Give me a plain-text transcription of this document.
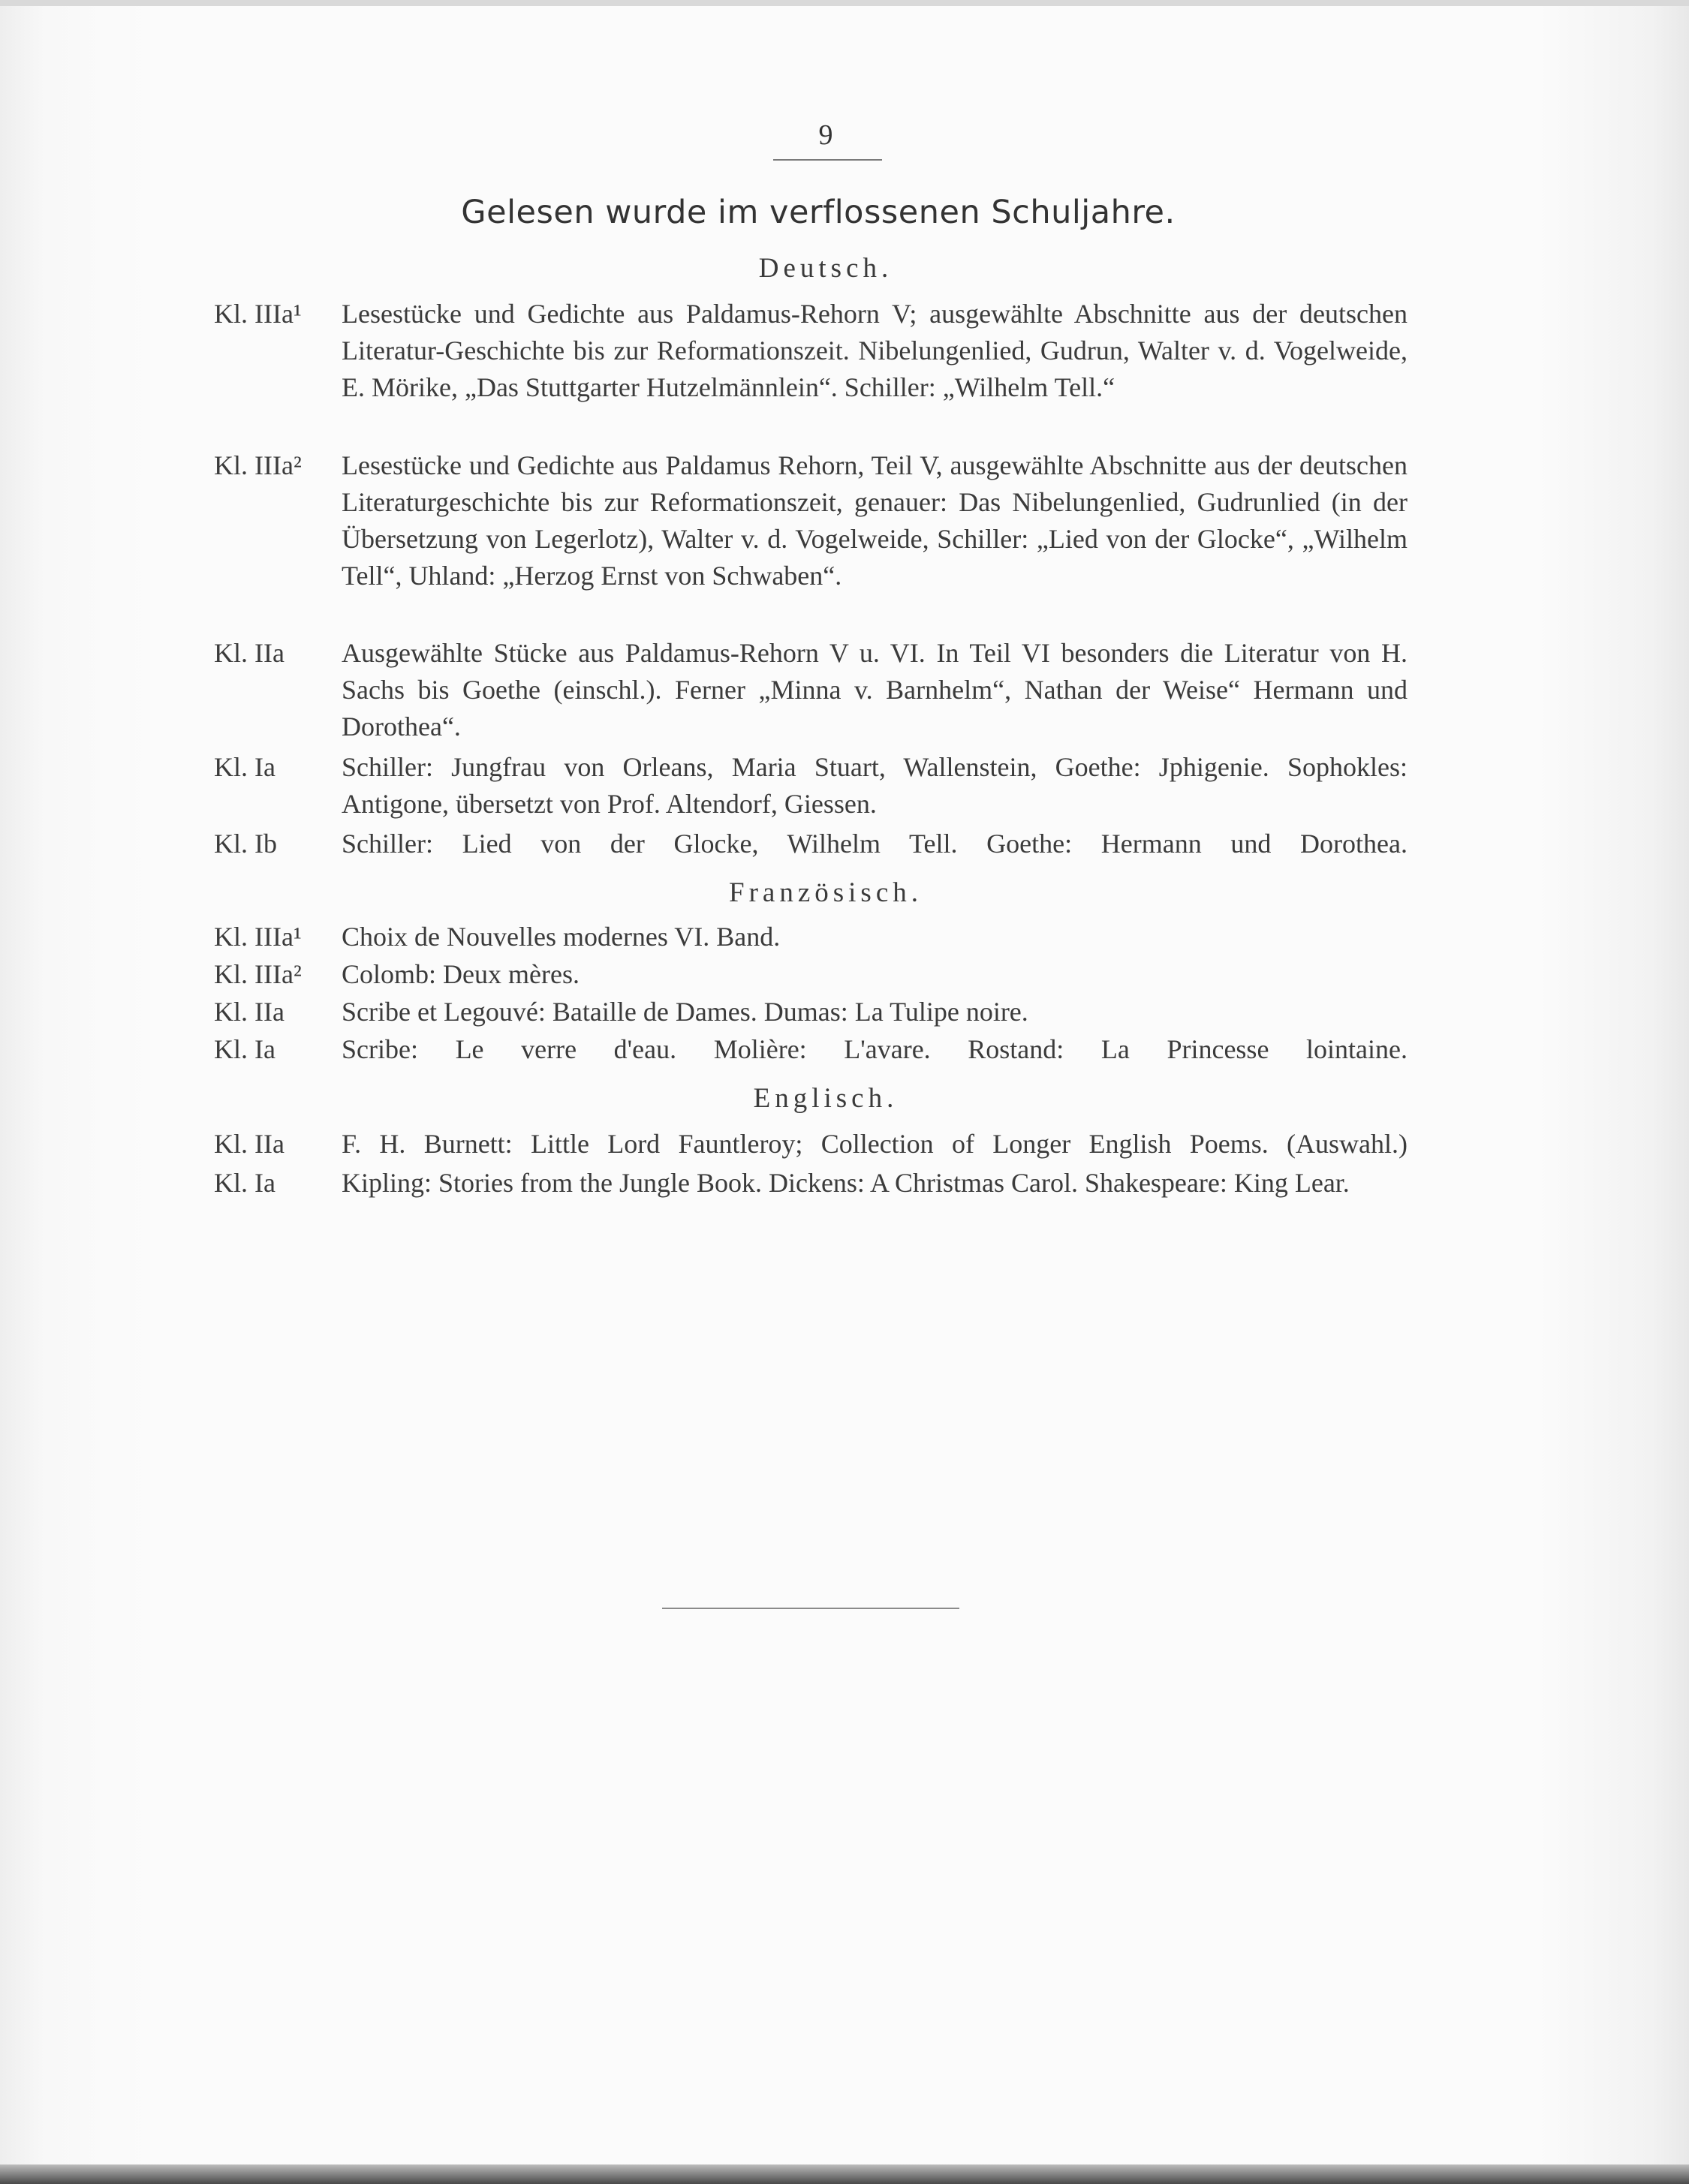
9
Gelesen wurde im verflossenen Schuljahre.
Deutsch.
Kl. IIIa¹	Lesestücke und Gedichte aus Paldamus-Rehorn V; ausgewählte Abschnitte aus der deutschen Literatur-Geschichte bis zur Reformationszeit. Nibelungenlied, Gudrun, Walter v. d. Vogelweide, E. Mörike, „Das Stuttgarter Hutzelmännlein“. Schiller: „Wilhelm Tell.“
Kl. IIIa²	Lesestücke und Gedichte aus Paldamus Rehorn, Teil V, ausgewählte Abschnitte aus der deutschen Literaturgeschichte bis zur Reformationszeit, genauer: Das Nibelungenlied, Gudrunlied (in der Übersetzung von Legerlotz), Walter v. d. Vogelweide, Schiller: „Lied von der Glocke“, „Wilhelm Tell“, Uhland: „Herzog Ernst von Schwaben“.
Kl. IIa	Ausgewählte Stücke aus Paldamus-Rehorn V u. VI. In Teil VI besonders die Literatur von H. Sachs bis Goethe (einschl.). Ferner „Minna v. Barnhelm“, Nathan der Weise“ Hermann und Dorothea“.
Kl. Ia	Schiller: Jungfrau von Orleans, Maria Stuart, Wallenstein, Goethe: Jphigenie. Sophokles: Antigone, übersetzt von Prof. Altendorf, Giessen.
Kl. Ib	Schiller: Lied von der Glocke, Wilhelm Tell. Goethe: Hermann und Dorothea.
Französisch.
Kl. IIIa¹	Choix de Nouvelles modernes VI. Band.
Kl. IIIa²	Colomb: Deux mères.
Kl. IIa	Scribe et Legouvé: Bataille de Dames. Dumas: La Tulipe noire.
Kl. Ia	Scribe: Le verre d'eau. Molière: L'avare. Rostand: La Princesse lointaine.
Englisch.
Kl. IIa	F. H. Burnett: Little Lord Fauntleroy; Collection of Longer English Poems. (Auswahl.)
Kl. Ia	Kipling: Stories from the Jungle Book. Dickens: A Christmas Carol. Shakespeare: King Lear.
